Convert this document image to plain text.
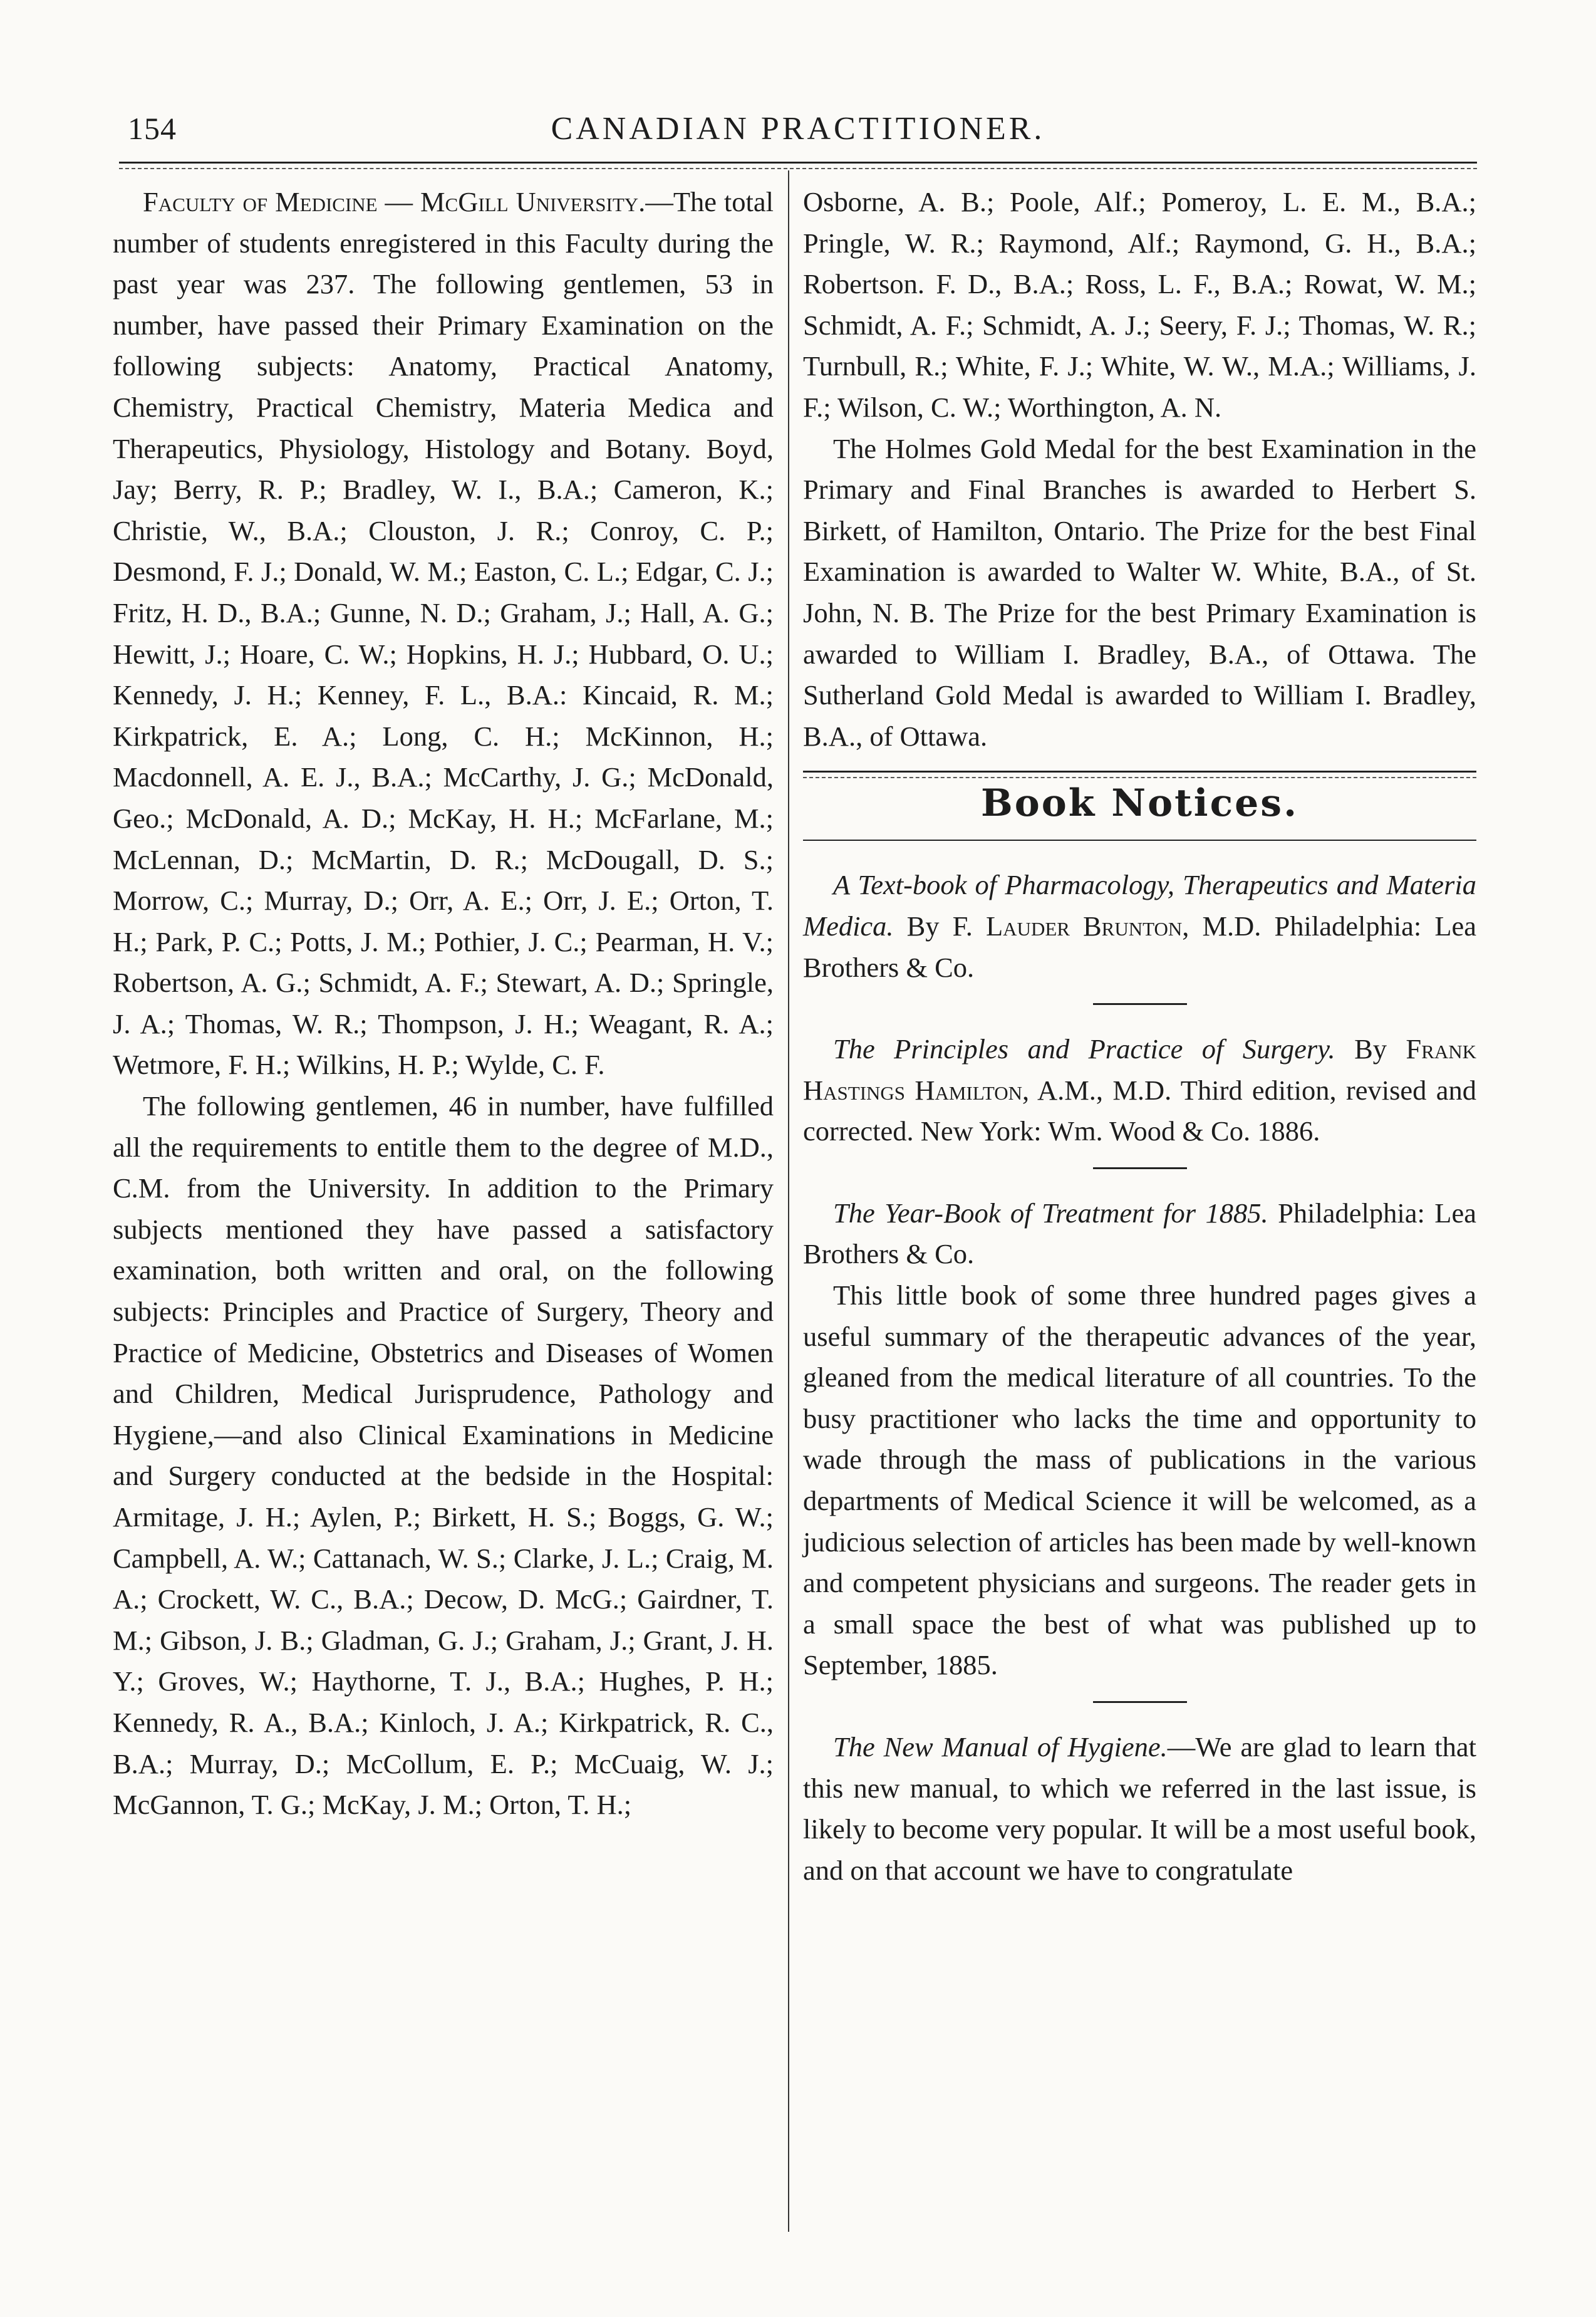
154	CANADIAN PRACTITIONER.

Faculty of Medicine — McGill University.—The total number of students enregistered in this Faculty during the past year was 237. The following gentlemen, 53 in number, have passed their Primary Examination on the following subjects: Anatomy, Practical Anatomy, Chemistry, Practical Chemistry, Materia Medica and Therapeutics, Physiology, Histology and Botany. Boyd, Jay; Berry, R. P.; Bradley, W. I., B.A.; Cameron, K.; Christie, W., B.A.; Clouston, J. R.; Conroy, C. P.; Desmond, F. J.; Donald, W. M.; Easton, C. L.; Edgar, C. J.; Fritz, H. D., B.A.; Gunne, N. D.; Graham, J.; Hall, A. G.; Hewitt, J.; Hoare, C. W.; Hopkins, H. J.; Hubbard, O. U.; Kennedy, J. H.; Kenney, F. L., B.A.: Kincaid, R. M.; Kirkpatrick, E. A.; Long, C. H.; McKinnon, H.; Macdonnell, A. E. J., B.A.; McCarthy, J. G.; McDonald, Geo.; McDonald, A. D.; McKay, H. H.; McFarlane, M.; McLennan, D.; McMartin, D. R.; McDougall, D. S.; Morrow, C.; Murray, D.; Orr, A. E.; Orr, J. E.; Orton, T. H.; Park, P. C.; Potts, J. M.; Pothier, J. C.; Pearman, H. V.; Robertson, A. G.; Schmidt, A. F.; Stewart, A. D.; Springle, J. A.; Thomas, W. R.; Thompson, J. H.; Weagant, R. A.; Wetmore, F. H.; Wilkins, H. P.; Wylde, C. F.

The following gentlemen, 46 in number, have fulfilled all the requirements to entitle them to the degree of M.D., C.M. from the University. In addition to the Primary subjects mentioned they have passed a satisfactory examination, both written and oral, on the following subjects: Principles and Practice of Surgery, Theory and Practice of Medicine, Obstetrics and Diseases of Women and Children, Medical Jurisprudence, Pathology and Hygiene,—and also Clinical Examinations in Medicine and Surgery conducted at the bedside in the Hospital: Armitage, J. H.; Aylen, P.; Birkett, H. S.; Boggs, G. W.; Campbell, A. W.; Cattanach, W. S.; Clarke, J. L.; Craig, M. A.; Crockett, W. C., B.A.; Decow, D. McG.; Gairdner, T. M.; Gibson, J. B.; Gladman, G. J.; Graham, J.; Grant, J. H. Y.; Groves, W.; Haythorne, T. J., B.A.; Hughes, P. H.; Kennedy, R. A., B.A.; Kinloch, J. A.; Kirkpatrick, R. C., B.A.; Murray, D.; McCollum, E. P.; McCuaig, W. J.; McGannon, T. G.; McKay, J. M.; Orton, T. H.;

Osborne, A. B.; Poole, Alf.; Pomeroy, L. E. M., B.A.; Pringle, W. R.; Raymond, Alf.; Raymond, G. H., B.A.; Robertson. F. D., B.A.; Ross, L. F., B.A.; Rowat, W. M.; Schmidt, A. F.; Schmidt, A. J.; Seery, F. J.; Thomas, W. R.; Turnbull, R.; White, F. J.; White, W. W., M.A.; Williams, J. F.; Wilson, C. W.; Worthington, A. N.

The Holmes Gold Medal for the best Examination in the Primary and Final Branches is awarded to Herbert S. Birkett, of Hamilton, Ontario. The Prize for the best Final Examination is awarded to Walter W. White, B.A., of St. John, N. B. The Prize for the best Primary Examination is awarded to William I. Bradley, B.A., of Ottawa. The Sutherland Gold Medal is awarded to William I. Bradley, B.A., of Ottawa.

Book Notices.

A Text-book of Pharmacology, Therapeutics and Materia Medica. By F. Lauder Brunton, M.D. Philadelphia: Lea Brothers & Co.

The Principles and Practice of Surgery. By Frank Hastings Hamilton, A.M., M.D. Third edition, revised and corrected. New York: Wm. Wood & Co. 1886.

The Year-Book of Treatment for 1885. Philadelphia: Lea Brothers & Co.

This little book of some three hundred pages gives a useful summary of the therapeutic advances of the year, gleaned from the medical literature of all countries. To the busy practitioner who lacks the time and opportunity to wade through the mass of publications in the various departments of Medical Science it will be welcomed, as a judicious selection of articles has been made by well-known and competent physicians and surgeons. The reader gets in a small space the best of what was published up to September, 1885.

The New Manual of Hygiene.—We are glad to learn that this new manual, to which we referred in the last issue, is likely to become very popular. It will be a most useful book, and on that account we have to congratulate
